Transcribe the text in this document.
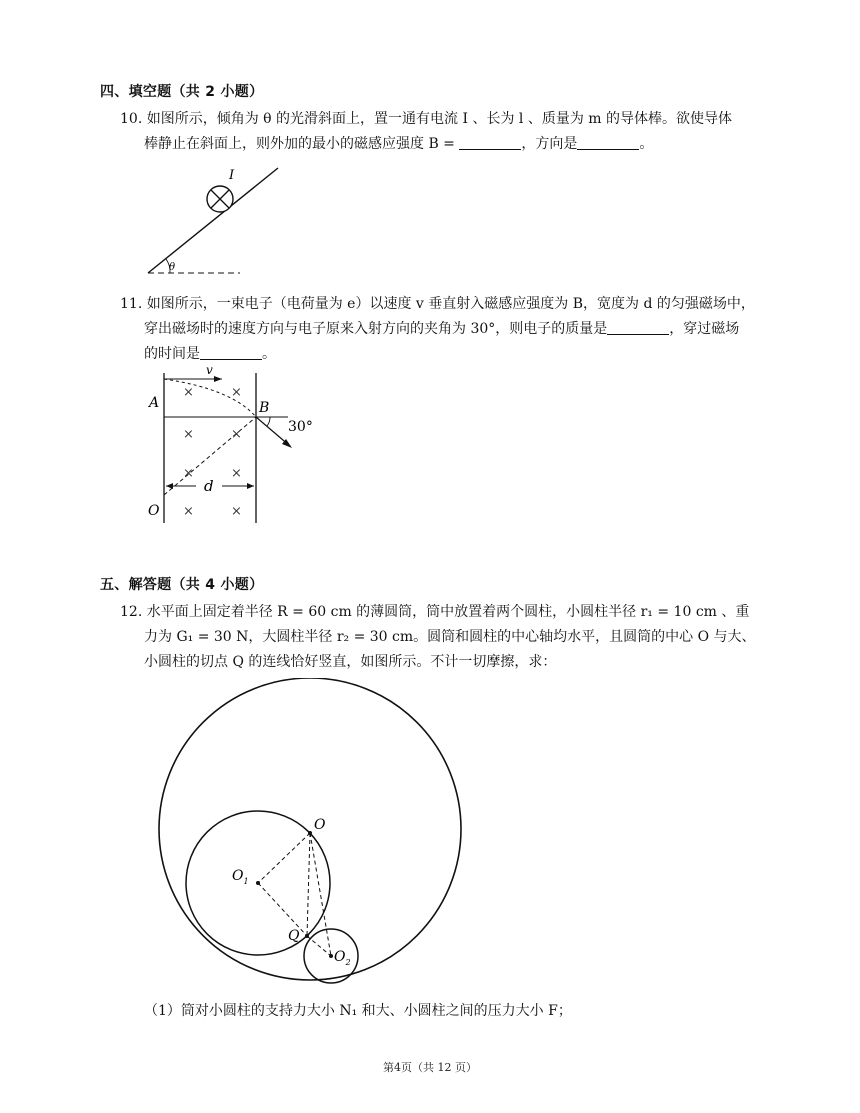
四、填空题（共 2 小题）
10. 如图所示，倾角为 θ 的光滑斜面上，置一通有电流 I 、长为 l 、质量为 m 的导体棒。欲使导体
棒静止在斜面上，则外加的最小的磁感应强度 B =	，方向是	。
θ
I
11. 如图所示，一束电子（电荷量为 e）以速度 v 垂直射入磁感应强度为 B，宽度为 d 的匀强磁场中，
穿出磁场时的速度方向与电子原来入射方向的夹角为 30°，则电子的质量是	，穿过磁场
的时间是	。
v
30°
A	B
O
d
×	×
×	×
×	×
×	×
五、解答题（共 4 小题）
12. 水平面上固定着半径 R = 60 cm 的薄圆筒，筒中放置着两个圆柱，小圆柱半径 r₁ = 10 cm 、重
力为 G₁ = 30 N，大圆柱半径 r₂ = 30 cm。圆筒和圆柱的中心轴均水平，且圆筒的中心 O 与大、
小圆柱的切点 Q 的连线恰好竖直，如图所示。不计一切摩擦，求：
O
$O_1$
$O_2$
Q
（1）筒对小圆柱的支持力大小 N₁ 和大、小圆柱之间的压力大小 F；
第4页（共 12 页）
